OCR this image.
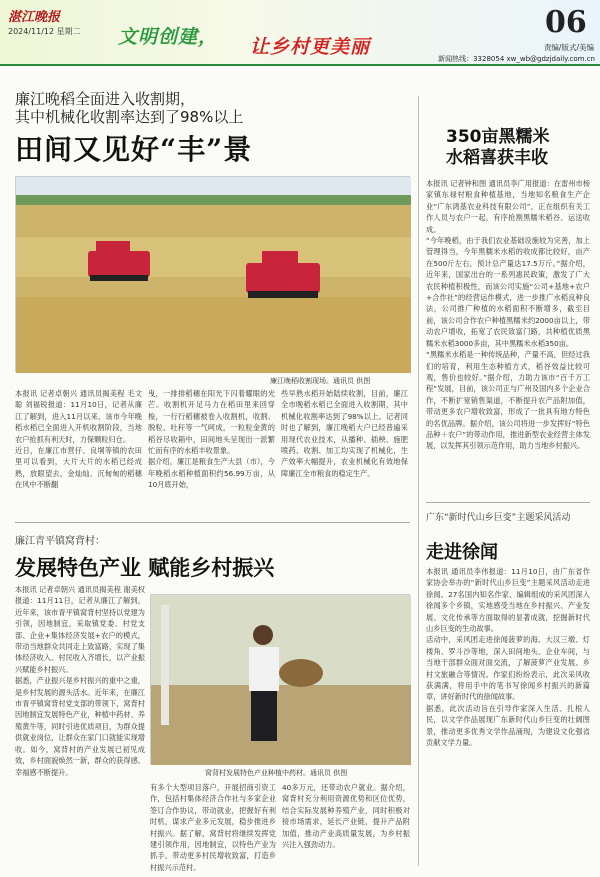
湛江晚报
2024/11/12 星期二 文明创建， 让乡村更美丽
06
责编/版式/美编
新闻热线：3328054 xw_wb@gdzjdaily.com.cn
廉江晚稻全面进入收割期，
其中机械化收割率达到了98%以上
田间又见好“丰”景
廉江晚稻收割现场。通讯员 供图
本报讯 记者卓朝兴 通讯员揭美程 毛文聪 刘福锐报道：11月10日，记者从廉江了解到，进入11月以来，该市今年晚稻水稻已全面进入开机收割阶段，当地农户抢抓有利天时，力保颗粒归仓。
近日，在廉江市营仔、良垌等镇的农田里可以看到，大片大片的水稻已经成熟，放眼望去，金灿灿、沉甸甸的稻穗在风中不断翻
曳，一排排稻穗在阳光下闪着耀眼的光芒。收割机开足马力在稻田里来回穿梭，一行行稻穗被卷入收割机，收割、脱粒、吐秆等一气呵成，一粒粒金黄的稻谷尽收箱中，田间地头呈现出一派繁忙而有序的水稻丰收景象。
据介绍，廉江是粮食生产大县（市），今年晚稻水稻种植面积约56.99万亩，从10月底开始，
些早熟水稻开始陆续收割，目前，廉江全市晚稻水稻已全面进入收割期，其中机械化收割率达到了98%以上。记者同时也了解到，廉江晚稻大户已经普遍采用现代农业技术，从播种、插秧、施肥喷药、收割、加工均实现了机械化，生产效率大幅提升，农业机械化有效地保障廉江全市粮食的稳定生产。
350亩黑糯米
水稻喜获丰收
本报讯 记者钟和图 通讯员李广用报道：在雷州市杨家镇东禄村粮食种植基地，当地知名粮食生产企业“广东鸿基农业科技有限公司”，正在组织有关工作人员与农户一起，有序抢割黑糯米稻谷、运送收成。
“今年晚稻，由于我们农业基础设施较为完善，加上管理得当，今年黑糯米水稻的收成都比较好，亩产在500斤左右，预计总产量达17.5万斤。”据介绍，近年来，国家出台的一系列惠民政策，激发了广大农民种植积极性，而该公司实施“公司+基地+农户+合作社”的经营运作模式，进一步推广水稻良种良法，公司推广种植的水稻面积不断增多，截至目前，该公司合作农户种植黑糯米约2000亩以上，带动农户增收，拓宽了农民致富门路，共种植优质黑糯米水稻3000多亩，其中黑糯米水稻350亩。
“黑糯米水稻是一种传统品种，产量不高，但经过我们的培育，利用生态种植方式，稻谷效益比较可观，售价也较好。”据介绍，力助力该市“百千万工程”发展，目前，该公司正与广州及国内多个企业合作，不断扩宽销售渠道，不断提升农产品附加值，带动更多农户增收致富，形成了一批具有地方特色的名优品牌。据介绍，该公司将进一步发挥好“特色品种＋农户”的带动作用，推进新型农业经营主体发展，以发挥其引领示范作用，助力当地乡村振兴。
廉江青平镇窝背村：
发展特色产业 赋能乡村振兴
本报讯 记者卓朝兴 通讯员揭美程 谢美权报道：11月11日，记者从廉江了解到，近年来，该市青平镇窝背村坚持以党建为引领，因地制宜，采取镇党委、村党支部、企业+集体经济发展+农户的模式，带动当地群众共同走上致富路，实现了集体经济收入、村民收入齐增长，以产业振兴赋能乡村振兴。
据悉，产业振兴是乡村振兴的重中之重，是乡村发展的源头活水。近年来，在廉江市青平镇窝背村党支部的带领下，窝背村因地制宜发展特色产业，种植中药材、养殖黄牛等，同时引进优质项目，为群众提供就业岗位，让群众在家门口就能实现增收。如今，窝背村的产业发展已初见成效，乡村面貌焕然一新，群众的获得感、幸福感不断提升。	窝背村发展特色产业种植中药材。通讯员 供图
有多个大型项目落户，开展招商引资工作，包括村集体经济合作社与多家企业签订合作协议，带动就业，把握好有利时机，谋求产业多元发展，稳步推进乡村振兴。据了解，窝背村将继续发挥党建引领作用，因地制宜，以特色产业为抓手，带动更多村民增收致富，打造乡村振兴示范村。
40多万元，还带动农户就业。据介绍，窝背村充分利用资源优势和区位优势，结合实际发展种养殖产业，同时积极对接市场需求，延长产业链，提升产品附加值，推动产业高质量发展，为乡村振兴注入强劲动力。
广东“新时代山乡巨变”主题采风活动
走进徐闻
本报讯 通讯员李伟报道：11月10日，由广东省作家协会举办的“新时代山乡巨变”主题采风活动走进徐闻。27名国内知名作家、编辑组成的采风团深入徐闻多个乡镇，实地感受当地在乡村振兴、产业发展、文化传承等方面取得的显著成就，挖掘新时代山乡巨变的生动故事。
活动中，采风团走进徐闻菠萝的海、大汉三墩、灯楼角、罗斗沙等地，深入田间地头、企业车间，与当地干部群众面对面交流，了解菠萝产业发展、乡村文旅融合等情况。作家们纷纷表示，此次采风收获满满，将用手中的笔书写徐闻乡村振兴的新篇章，讲好新时代的徐闻故事。
据悉，此次活动旨在引导作家深入生活、扎根人民，以文学作品展现广东新时代山乡巨变的壮阔图景，推动更多优秀文学作品涌现，为建设文化强省贡献文学力量。
